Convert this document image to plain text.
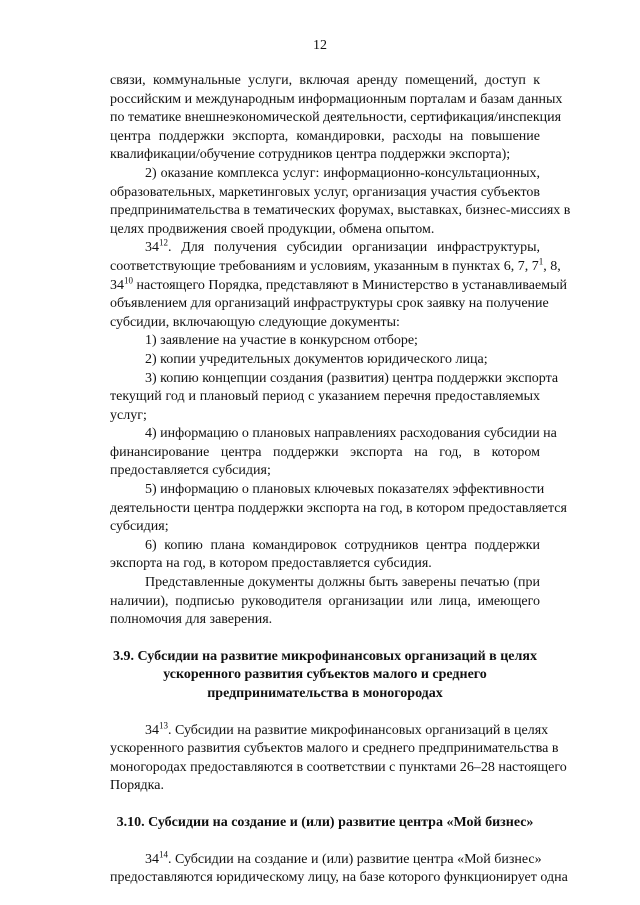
12
связи, коммунальные услуги, включая аренду помещений, доступ к
российским и международным информационным порталам и базам данных
по тематике внешнеэкономической деятельности, сертификация/инспекция
центра поддержки экспорта, командировки, расходы на повышение
квалификации/обучение сотрудников центра поддержки экспорта);
2) оказание комплекса услуг: информационно-консультационных,
образовательных, маркетинговых услуг, организация участия субъектов
предпринимательства в тематических форумах, выставках, бизнес-миссиях в
целях продвижения своей продукции, обмена опытом.
$34^{12}$. Для получения субсидии организации инфраструктуры,
соответствующие требованиям и условиям, указанным в пунктах 6, 7, $7^1$, 8,
$34^{10}$ настоящего Порядка, представляют в Министерство в устанавливаемый
объявлением для организаций инфраструктуры срок заявку на получение
субсидии, включающую следующие документы:
1) заявление на участие в конкурсном отборе;
2) копии учредительных документов юридического лица;
3) копию концепции создания (развития) центра поддержки экспорта
текущий год и плановый период с указанием перечня предоставляемых
услуг;
4) информацию о плановых направлениях расходования субсидии на
финансирование центра поддержки экспорта на год, в котором
предоставляется субсидия;
5) информацию о плановых ключевых показателях эффективности
деятельности центра поддержки экспорта на год, в котором предоставляется
субсидия;
6) копию плана командировок сотрудников центра поддержки
экспорта на год, в котором предоставляется субсидия.
Представленные документы должны быть заверены печатью (при
наличии), подписью руководителя организации или лица, имеющего
полномочия для заверения.
3.9. Субсидии на развитие микрофинансовых организаций в целях
ускоренного развития субъектов малого и среднего
предпринимательства в моногородах
$34^{13}$. Субсидии на развитие микрофинансовых организаций в целях
ускоренного развития субъектов малого и среднего предпринимательства в
моногородах предоставляются в соответствии с пунктами 26–28 настоящего
Порядка.
3.10. Субсидии на создание и (или) развитие центра «Мой бизнес»
$34^{14}$. Субсидии на создание и (или) развитие центра «Мой бизнес»
предоставляются юридическому лицу, на базе которого функционирует одна
